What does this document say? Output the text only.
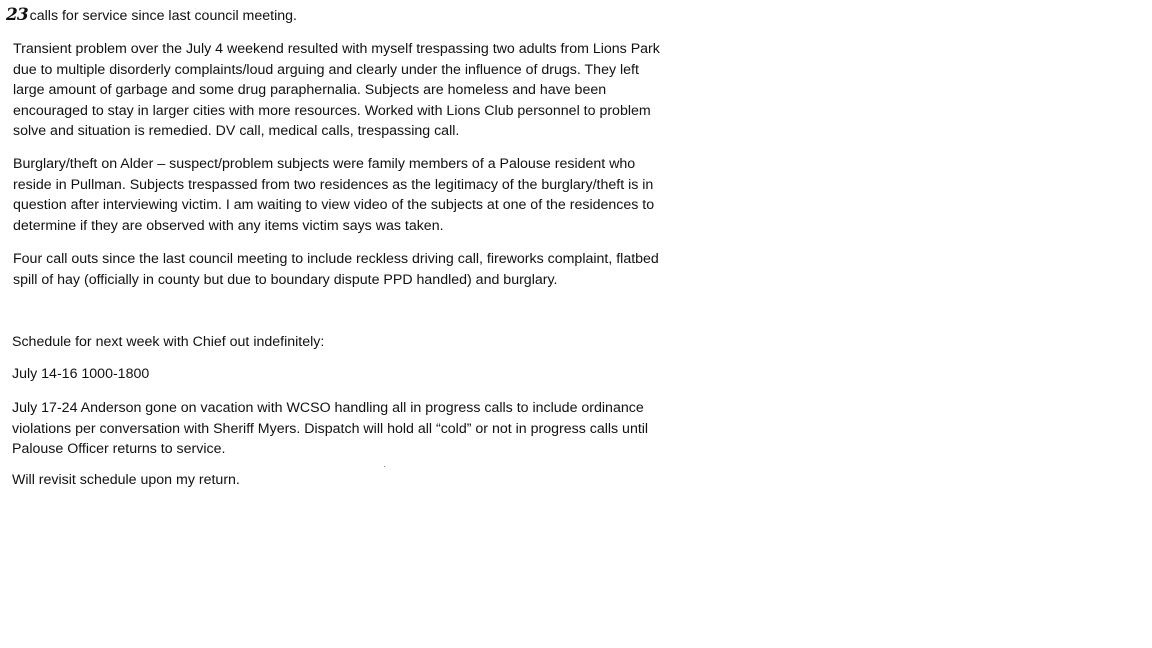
23 calls for service since last council meeting.

Transient problem over the July 4 weekend resulted with myself trespassing two adults from Lions Park
due to multiple disorderly complaints/loud arguing and clearly under the influence of drugs. They left
large amount of garbage and some drug paraphernalia. Subjects are homeless and have been
encouraged to stay in larger cities with more resources. Worked with Lions Club personnel to problem
solve and situation is remedied. DV call, medical calls, trespassing call.
Burglary/theft on Alder – suspect/problem subjects were family members of a Palouse resident who
reside in Pullman. Subjects trespassed from two residences as the legitimacy of the burglary/theft is in
question after interviewing victim. I am waiting to view video of the subjects at one of the residences to
determine if they are observed with any items victim says was taken.
Four call outs since the last council meeting to include reckless driving call, fireworks complaint, flatbed
spill of hay (officially in county but due to boundary dispute PPD handled) and burglary.

Schedule for next week with Chief out indefinitely:

July 14-16 1000-1800

July 17-24 Anderson gone on vacation with WCSO handling all in progress calls to include ordinance
violations per conversation with Sheriff Myers. Dispatch will hold all “cold” or not in progress calls until
Palouse Officer returns to service.

Will revisit schedule upon my return.
